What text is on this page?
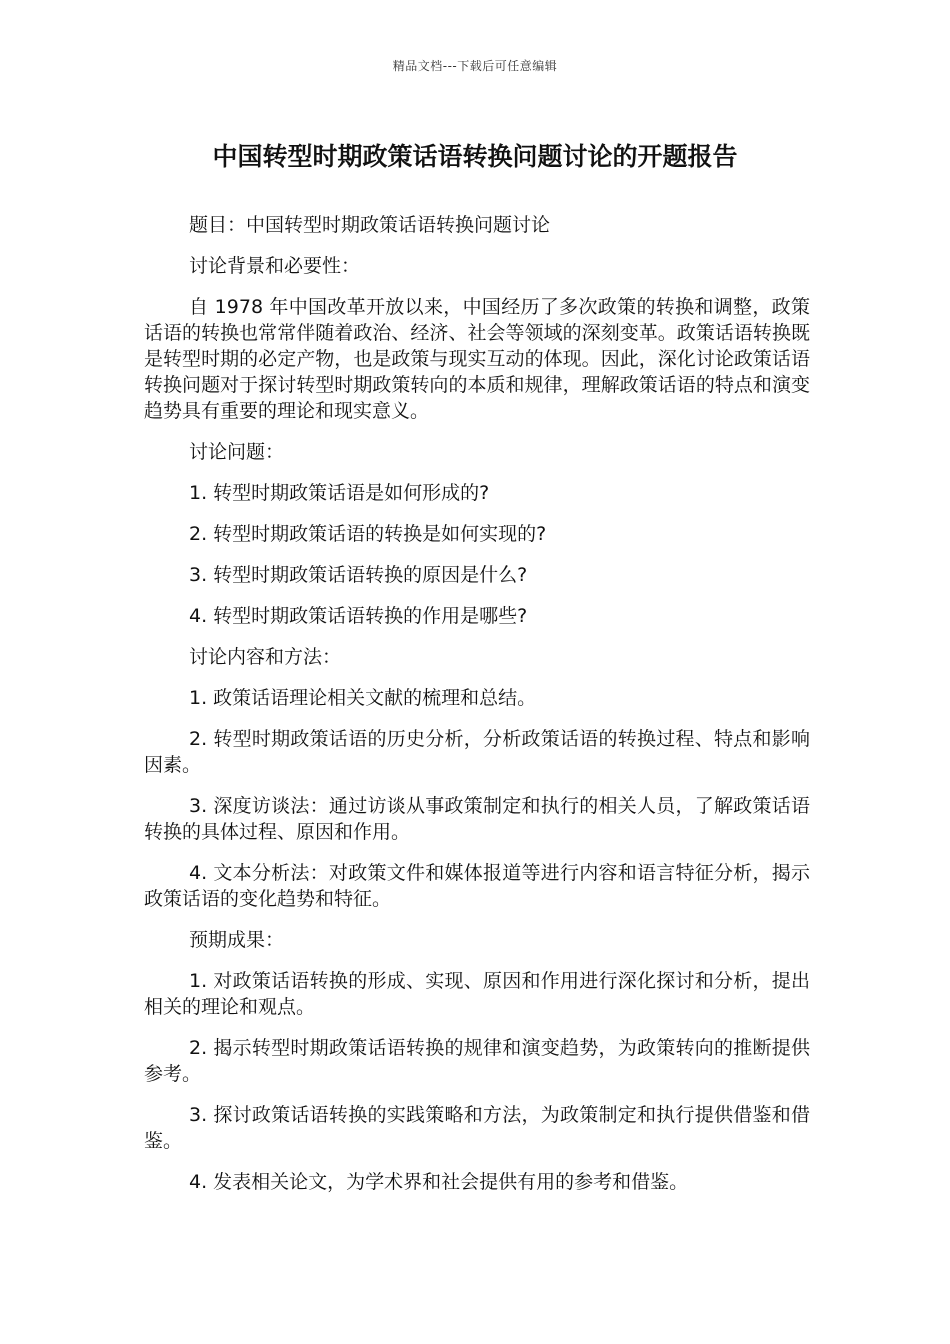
精品文档---下载后可任意编辑
中国转型时期政策话语转换问题讨论的开题报告

题目：中国转型时期政策话语转换问题讨论

讨论背景和必要性：

自 1978 年中国改革开放以来，中国经历了多次政策的转换和调整，政策话语的转换也常常伴随着政治、经济、社会等领域的深刻变革。政策话语转换既是转型时期的必定产物，也是政策与现实互动的体现。因此，深化讨论政策话语转换问题对于探讨转型时期政策转向的本质和规律，理解政策话语的特点和演变趋势具有重要的理论和现实意义。

讨论问题：

1. 转型时期政策话语是如何形成的?

2. 转型时期政策话语的转换是如何实现的?

3. 转型时期政策话语转换的原因是什么?

4. 转型时期政策话语转换的作用是哪些?

讨论内容和方法：

1. 政策话语理论相关文献的梳理和总结。

2. 转型时期政策话语的历史分析，分析政策话语的转换过程、特点和影响因素。

3. 深度访谈法：通过访谈从事政策制定和执行的相关人员，了解政策话语转换的具体过程、原因和作用。

4. 文本分析法：对政策文件和媒体报道等进行内容和语言特征分析，揭示政策话语的变化趋势和特征。

预期成果：

1. 对政策话语转换的形成、实现、原因和作用进行深化探讨和分析，提出相关的理论和观点。

2. 揭示转型时期政策话语转换的规律和演变趋势，为政策转向的推断提供参考。

3. 探讨政策话语转换的实践策略和方法，为政策制定和执行提供借鉴和借鉴。

4. 发表相关论文，为学术界和社会提供有用的参考和借鉴。
